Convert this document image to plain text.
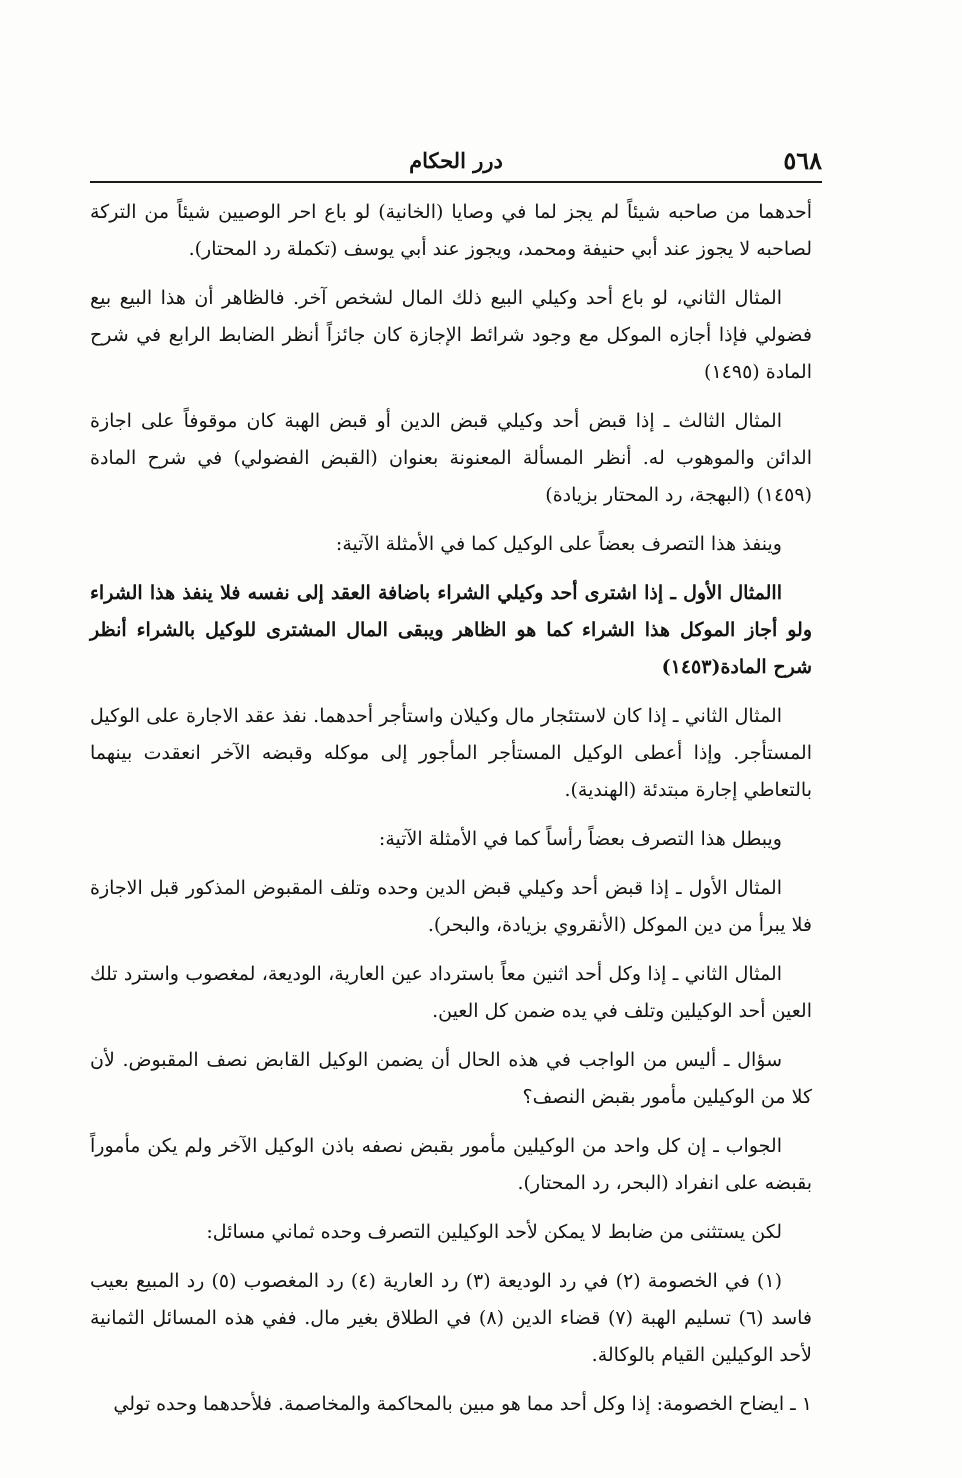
٥٦٨
درر الحكام

أحدهما من صاحبه شيئاً لم يجز لما في وصايا (الخانية) لو باع احر الوصيين شيئاً من التركة لصاحبه لا يجوز عند أبي حنيفة ومحمد، ويجوز عند أبي يوسف (تكملة رد المحتار).

المثال الثاني، لو باع أحد وكيلي البيع ذلك المال لشخص آخر. فالظاهر أن هذا البيع بيع فضولي فإذا أجازه الموكل مع وجود شرائط الإجازة كان جائزاً أنظر الضابط الرابع في شرح المادة (١٤٩٥)

المثال الثالث ـ إذا قبض أحد وكيلي قبض الدين أو قبض الهبة كان موقوفاً على اجازة الدائن والموهوب له. أنظر المسألة المعنونة بعنوان (القبض الفضولي) في شرح المادة (١٤٥٩) (البهجة، رد المحتار بزيادة)

وينفذ هذا التصرف بعضاً على الوكيل كما في الأمثلة الآتية:

االمثال الأول ـ إذا اشترى أحد وكيلي الشراء باضافة العقد إلى نفسه فلا ينفذ هذا الشراء ولو أجاز الموكل هذا الشراء كما هو الظاهر ويبقى المال المشترى للوكيل بالشراء أنظر شرح المادة(١٤٥٣)

المثال الثاني ـ إذا كان لاستئجار مال وكيلان واستأجر أحدهما. نفذ عقد الاجارة على الوكيل المستأجر. وإذا أعطى الوكيل المستأجر المأجور إلى موكله وقبضه الآخر انعقدت بينهما بالتعاطي إجارة مبتدئة (الهندية).

ويبطل هذا التصرف بعضاً رأساً كما في الأمثلة الآتية:

المثال الأول ـ إذا قبض أحد وكيلي قبض الدين وحده وتلف المقبوض المذكور قبل الاجازة فلا يبرأ من دين الموكل (الأنقروي بزيادة، والبحر).

المثال الثاني ـ إذا وكل أحد اثنين معاً باسترداد عين العارية، الوديعة، لمغصوب واسترد تلك العين أحد الوكيلين وتلف في يده ضمن كل العين.

سؤال ـ أليس من الواجب في هذه الحال أن يضمن الوكيل القابض نصف المقبوض. لأن كلا من الوكيلين مأمور بقبض النصف؟

الجواب ـ إن كل واحد من الوكيلين مأمور بقبض نصفه باذن الوكيل الآخر ولم يكن مأموراً بقبضه على انفراد (البحر، رد المحتار).

لكن يستثنى من ضابط لا يمكن لأحد الوكيلين التصرف وحده ثماني مسائل:

(١) في الخصومة (٢) في رد الوديعة (٣) رد العارية (٤) رد المغصوب (٥) رد المبيع بعيب فاسد (٦) تسليم الهبة (٧) قضاء الدين (٨) في الطلاق بغير مال. ففي هذه المسائل الثمانية لأحد الوكيلين القيام بالوكالة.

١ ـ ايضاح الخصومة: إذا وكل أحد مما هو مبين بالمحاكمة والمخاصمة. فلأحدهما وحده تولي
